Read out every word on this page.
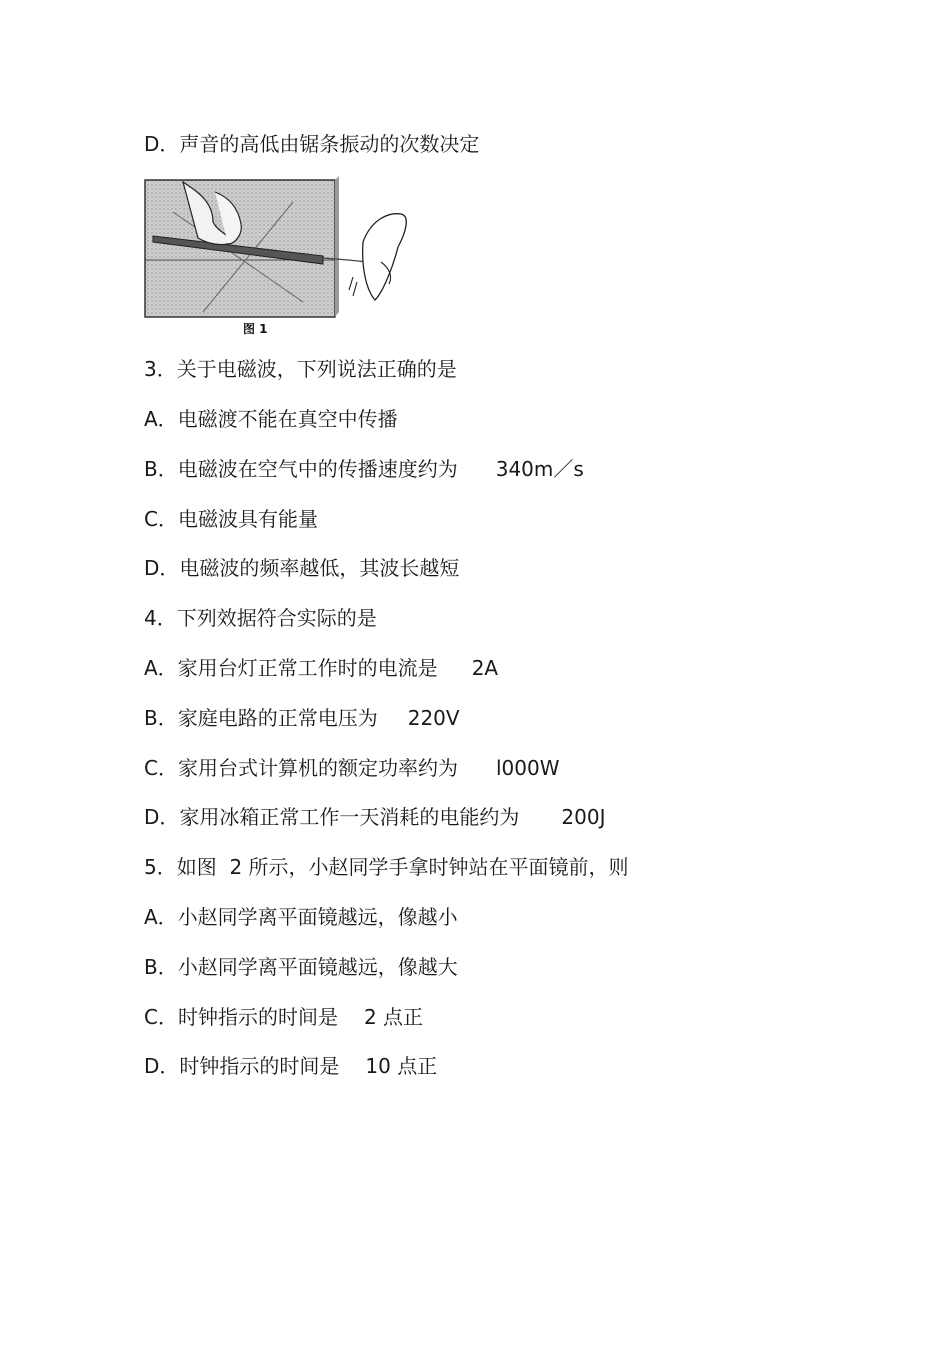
D．声音的高低由锯条振动的次数决定
图 1
3．关于电磁波，下列说法正确的是
A．电磁渡不能在真空中传播
B．电磁波在空气中的传播速度约为 340m／s
C．电磁波具有能量
D．电磁波的频率越低，其波长越短
4．下列效据符合实际的是
A．家用台灯正常工作时的电流是 2A
B．家庭电路的正常电压为 220V
C．家用台式计算机的额定功率约为 l000W
D．家用冰箱正常工作一天消耗的电能约为 200J
5．如图  2 所示，小赵同学手拿时钟站在平面镜前，则
A．小赵同学离平面镜越远，像越小
B．小赵同学离平面镜越远，像越大
C．时钟指示的时间是 2 点正
D．时钟指示的时间是 10 点正
